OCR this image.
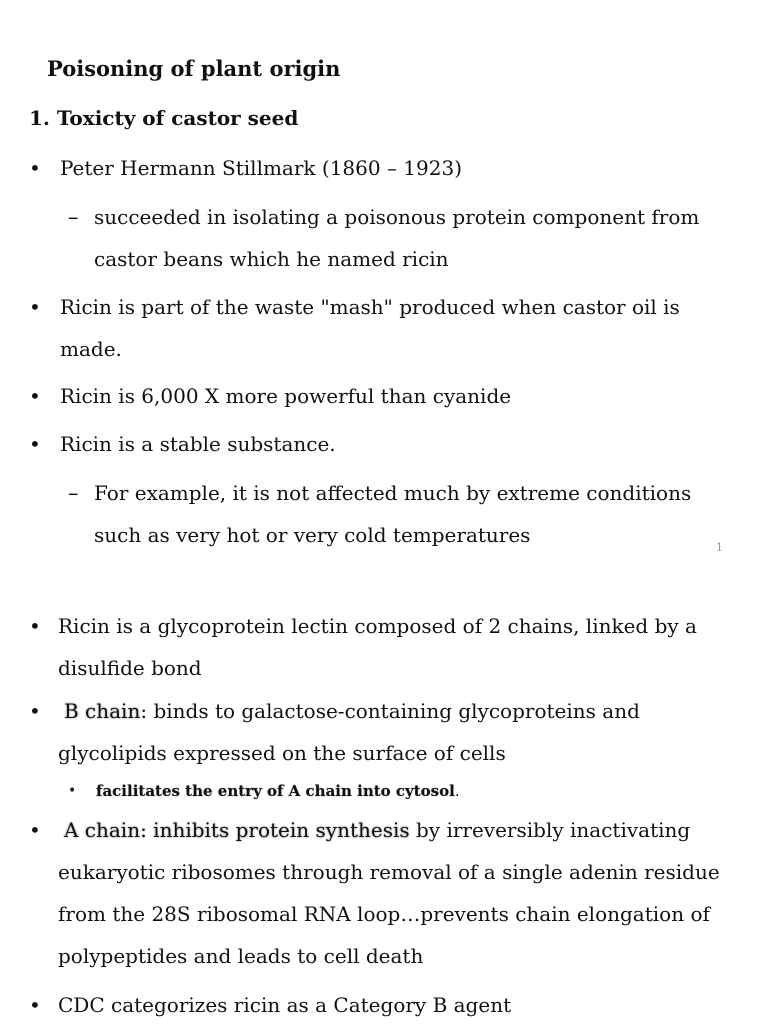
Poisoning of plant origin
1. Toxicty of castor seed
• Peter Hermann Stillmark (1860 – 1923)
– succeeded in isolating a poisonous protein component from
castor beans which he named ricin
• Ricin is part of the waste "mash" produced when castor oil is
made.
• Ricin is 6,000 X more powerful than cyanide
• Ricin is a stable substance.
– For example, it is not affected much by extreme conditions
such as very hot or very cold temperatures
1
• Ricin is a glycoprotein lectin composed of 2 chains, linked by a
disulfide bond
• B chain: binds to galactose-containing glycoproteins and
glycolipids expressed on the surface of cells
• facilitates the entry of A chain into cytosol.
• A chain: inhibits protein synthesis by irreversibly inactivating
eukaryotic ribosomes through removal of a single adenin residue
from the 28S ribosomal RNA loop…prevents chain elongation of
polypeptides and leads to cell death
• CDC categorizes ricin as a Category B agent
